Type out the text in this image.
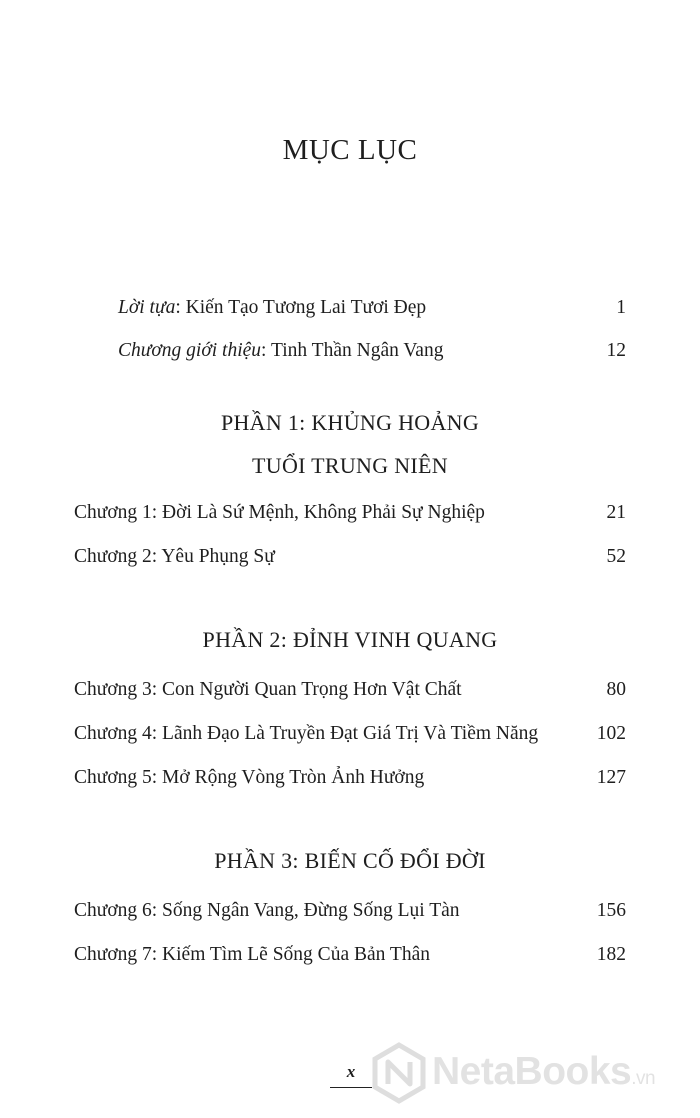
MỤC LỤC
Lời tựa: Kiến Tạo Tương Lai Tươi Đẹp	1
Chương giới thiệu: Tinh Thần Ngân Vang	12
PHẦN 1: KHỦNG HOẢNG
TUỔI TRUNG NIÊN
Chương 1: Đời Là Sứ Mệnh, Không Phải Sự Nghiệp	21
Chương 2: Yêu Phụng Sự	52
PHẦN 2: ĐỈNH VINH QUANG
Chương 3: Con Người Quan Trọng Hơn Vật Chất	80
Chương 4: Lãnh Đạo Là Truyền Đạt Giá Trị Và Tiềm Năng	102
Chương 5: Mở Rộng Vòng Tròn Ảnh Hưởng	127
PHẦN 3: BIẾN CỐ ĐỔI ĐỜI
Chương 6: Sống Ngân Vang, Đừng Sống Lụi Tàn	156
Chương 7: Kiếm Tìm Lẽ Sống Của Bản Thân	182
x	NetaBooks.vn
